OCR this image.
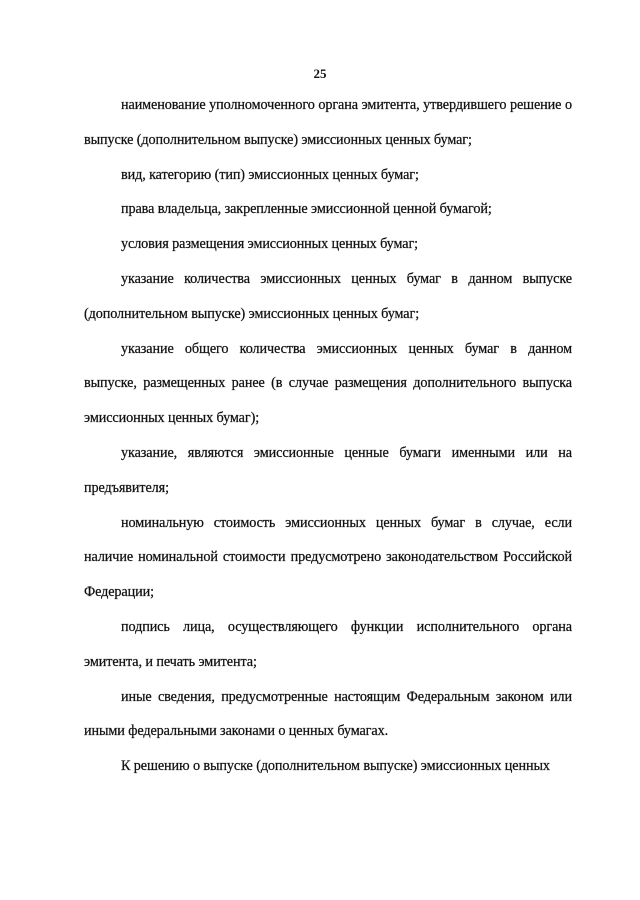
25

наименование уполномоченного органа эмитента, утвердившего решение о выпуске (дополнительном выпуске) эмиссионных ценных бумаг;

вид, категорию (тип) эмиссионных ценных бумаг;

права владельца, закрепленные эмиссионной ценной бумагой;

условия размещения эмиссионных ценных бумаг;

указание количества эмиссионных ценных бумаг в данном выпуске (дополнительном выпуске) эмиссионных ценных бумаг;

указание общего количества эмиссионных ценных бумаг в данном выпуске, размещенных ранее (в случае размещения дополнительного выпуска эмиссионных ценных бумаг);

указание, являются эмиссионные ценные бумаги именными или на предъявителя;

номинальную стоимость эмиссионных ценных бумаг в случае, если наличие номинальной стоимости предусмотрено законодательством Российской Федерации;

подпись лица, осуществляющего функции исполнительного органа эмитента, и печать эмитента;

иные сведения, предусмотренные настоящим Федеральным законом или иными федеральными законами о ценных бумагах.

К решению о выпуске (дополнительном выпуске) эмиссионных ценных
